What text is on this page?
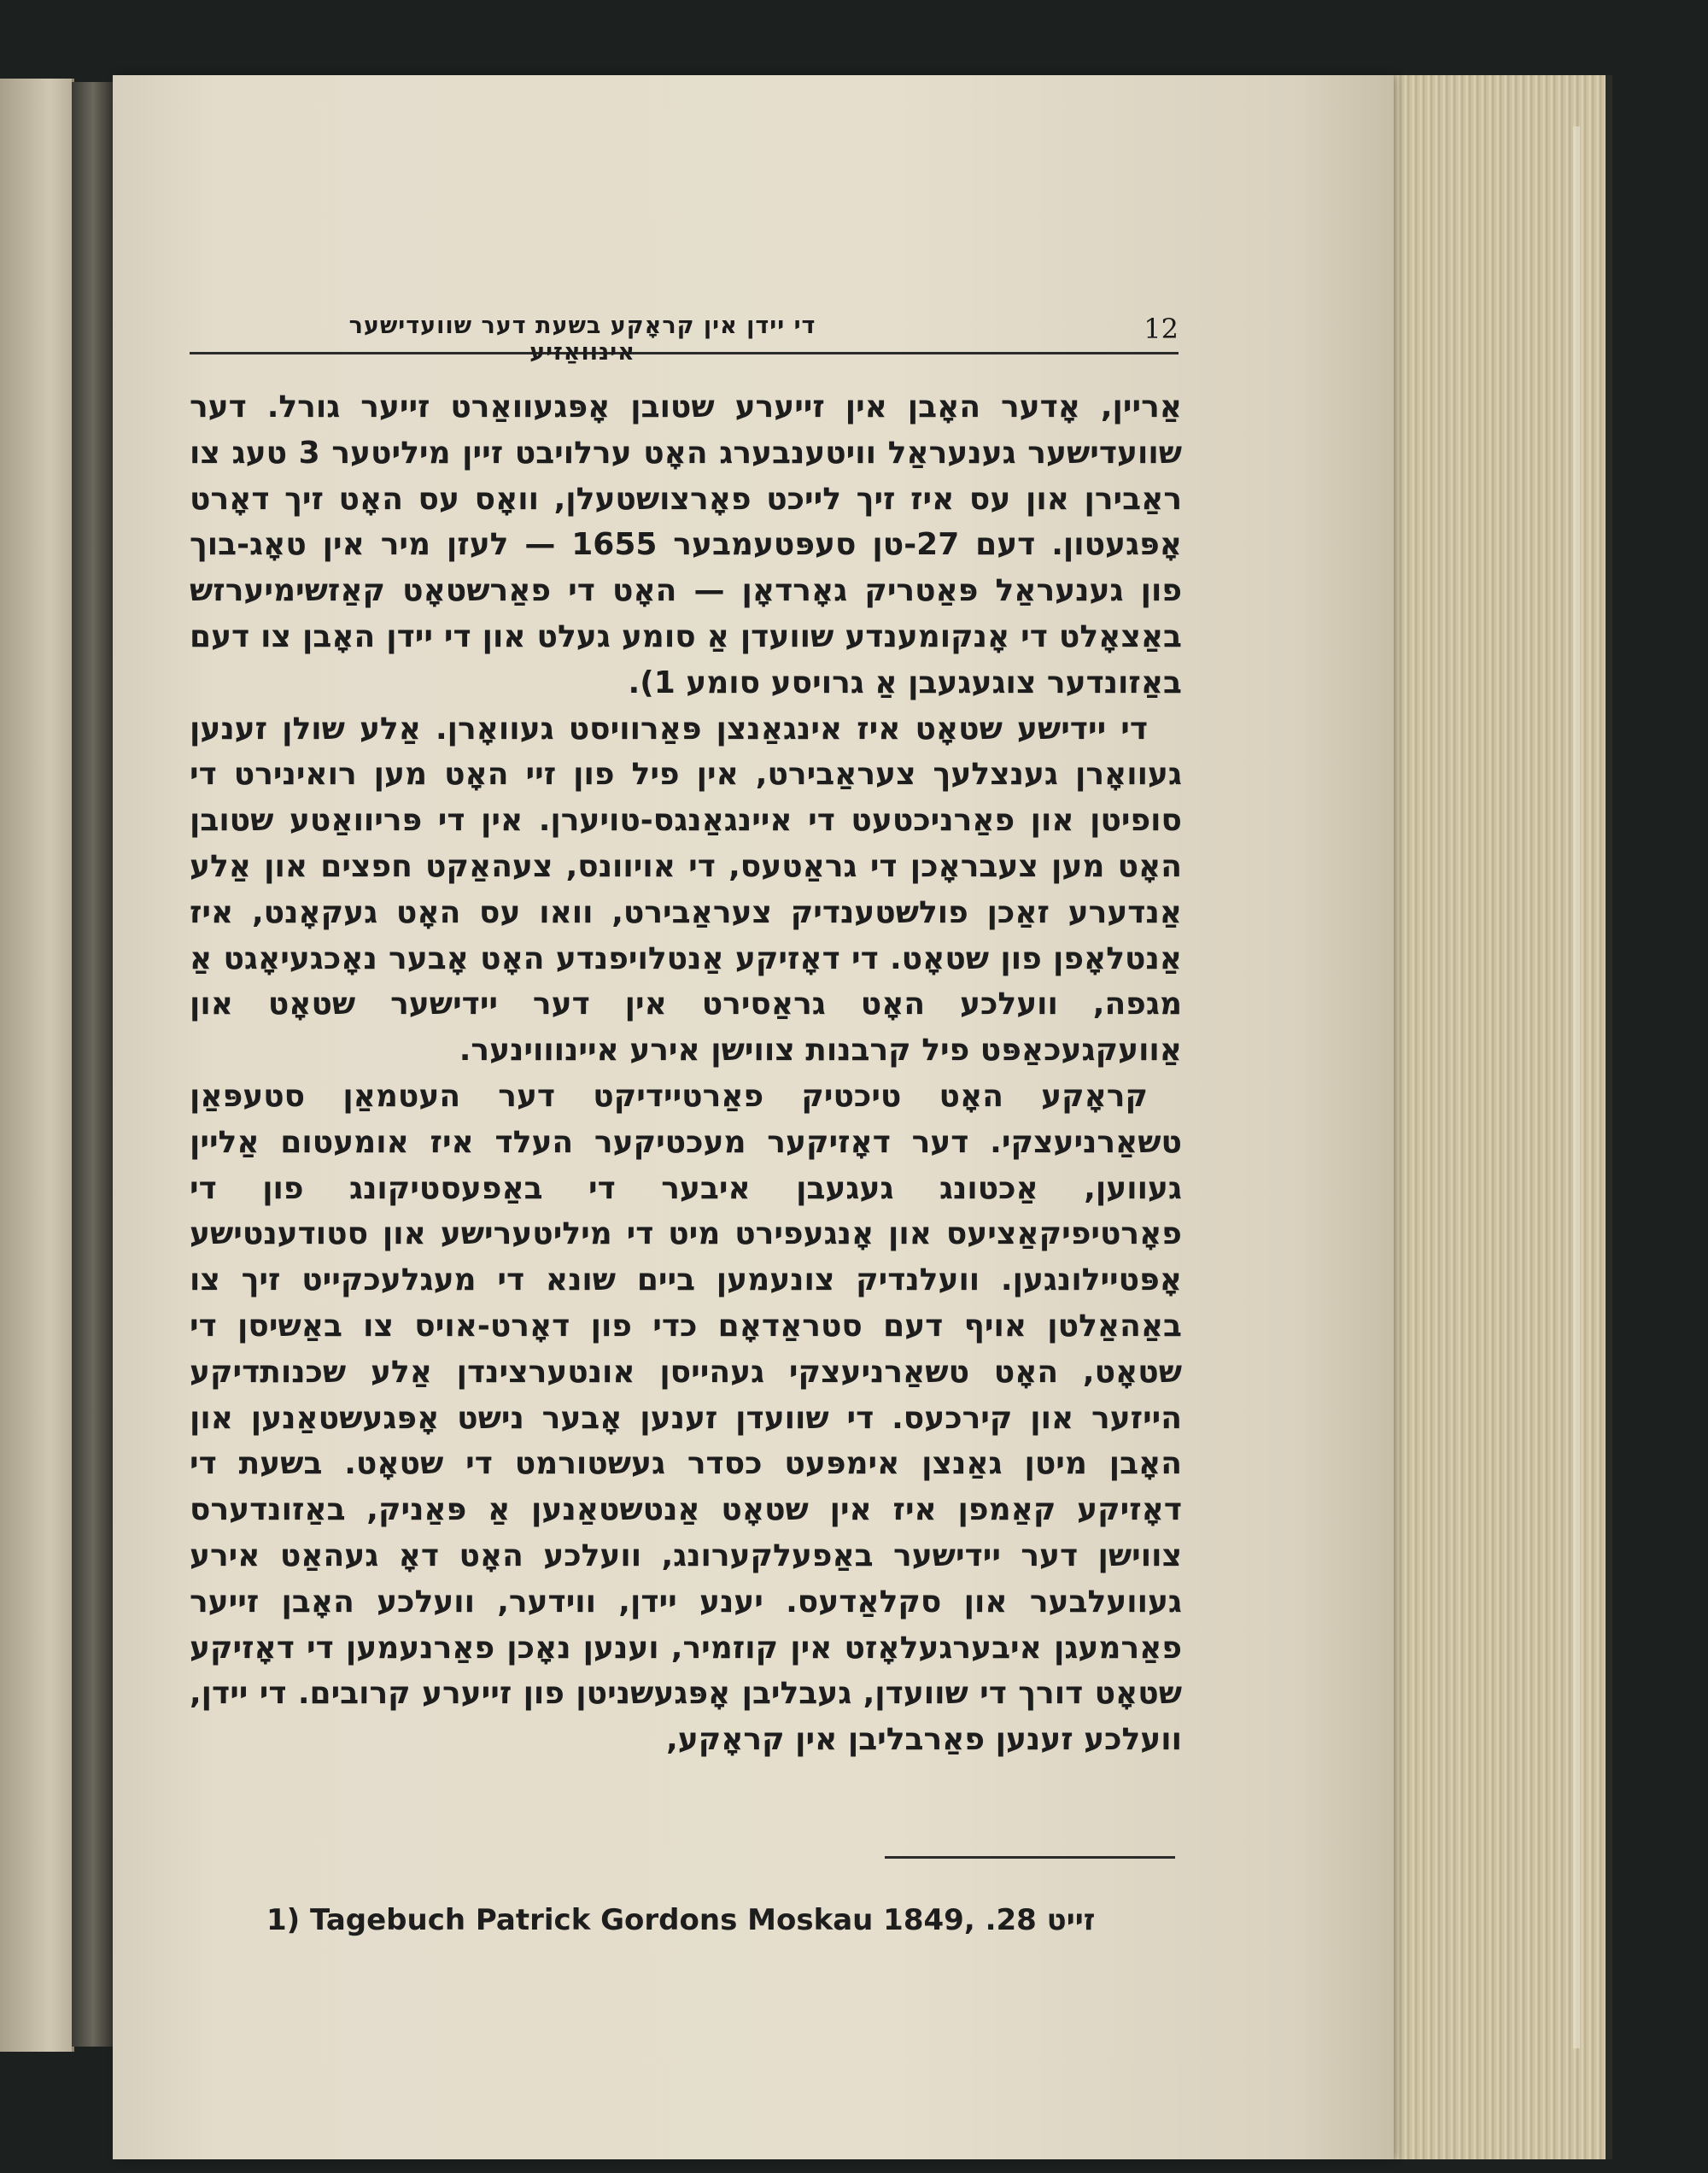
די יידן אין קראָקע בשעת דער שוועדישער אינוואַזיע
12

אַריין, אָדער האָבן אין זייערע שטובן אָפּגעוואַרט זייער גורל. דער שוועדישער גענעראַל וויטענבערג האָט ערלויבט זיין מיליטער 3 טעג צו ראַבירן און עס איז זיך לייכט פאָרצושטעלן, וואָס עס האָט זיך דאָרט אָפּגעטון. דעם 27-טן סעפּטעמבער 1655 — לעזן מיר אין טאָג-בוך פון גענעראַל פּאַטריק גאָרדאָן — האָט די פאַרשטאָט קאַזשימיערזש באַצאָלט די אָנקומענדע שוועדן אַ סומע געלט און די יידן האָבן צו דעם באַזונדער צוגעגעבן אַ גרויסע סומע 1).

די יידישע שטאָט איז אינגאַנצן פּאַרוויסט געוואָרן. אַלע שולן זענען געוואָרן גענצלעך צעראַבירט, אין פיל פון זיי האָט מען רואינירט די סופיטן און פאַרניכטעט די איינגאַנגס-טויערן. אין די פּריוואַטע שטובן האָט מען צעבראָכן די גראַטעס, די אויוונס, צעהאַקט חפצים און אַלע אַנדערע זאַכן פולשטענדיק צעראַבירט, וואו עס האָט געקאָנט, איז אַנטלאָפן פון שטאָט. די דאָזיקע אַנטלויפנדע האָט אָבער נאָכגעיאָגט אַ מגפה, וועלכע האָט גראַסירט אין דער יידישער שטאָט און אַוועקגעכאַפּט פיל קרבנות צווישן אירע איינוווינער.

קראָקע האָט טיכטיק פאַרטיידיקט דער העטמאַן סטעפּאַן טשאַרניעצקי. דער דאָזיקער מעכטיקער העלד איז אומעטום אַליין געווען, אַכטונג געגעבן איבער די באַפעסטיקונג פון די פאָרטיפיקאַציעס און אָנגעפירט מיט די מיליטערישע און סטודענטישע אָפּטיילונגען. וועלנדיק צונעמען ביים שונא די מעגלעכקייט זיך צו באַהאַלטן אויף דעם סטראַדאָם כדי פון דאָרט-אויס צו באַשיסן די שטאָט, האָט טשאַרניעצקי געהייסן אונטערצינדן אַלע שכנותדיקע הייזער און קירכעס. די שוועדן זענען אָבער נישט אָפּגעשטאַנען און האָבן מיטן גאַנצן אימפּעט כסדר געשטורמט די שטאָט. בשעת די דאָזיקע קאַמפן איז אין שטאָט אַנטשטאַנען אַ פּאַניק, באַזונדערס צווישן דער יידישער באַפעלקערונג, וועלכע האָט דאָ געהאַט אירע געוועלבער און סקלאַדעס. יענע יידן, ווידער, וועלכע האָבן זייער פאַרמעגן איבערגעלאָזט אין קוזמיר, וענען נאָכן פאַרנעמען די דאָזיקע שטאָט דורך די שוועדן, געבליבן אָפּגעשניטן פון זייערע קרובים. די יידן, וועלכע זענען פאַרבליבן אין קראָקע,

1) Tagebuch Patrick Gordons Moskau 1849, זייט 28.
